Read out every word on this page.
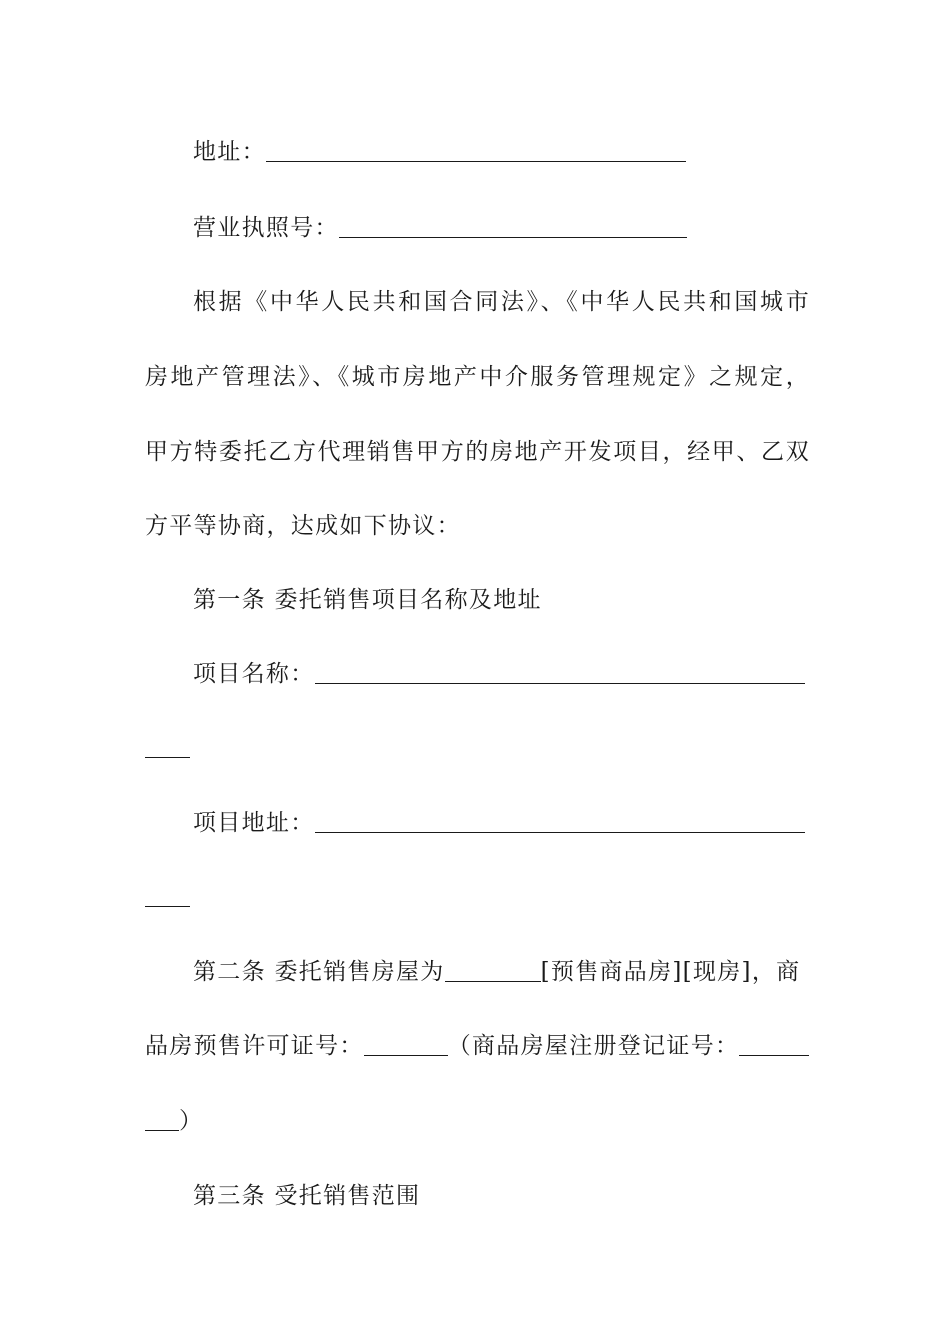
地址：
营业执照号：
根据《中华人民共和国合同法》、《中华人民共和国城市
房地产管理法》、《城市房地产中介服务管理规定》之规定，
甲方特委托乙方代理销售甲方的房地产开发项目，经甲、乙双
方平等协商，达成如下协议：
第一条 委托销售项目名称及地址
项目名称：
项目地址：
第二条 委托销售房屋为	[预售商品房][现房]，商
品房预售许可证号：	（商品房屋注册登记证号：
）
第三条 受托销售范围
